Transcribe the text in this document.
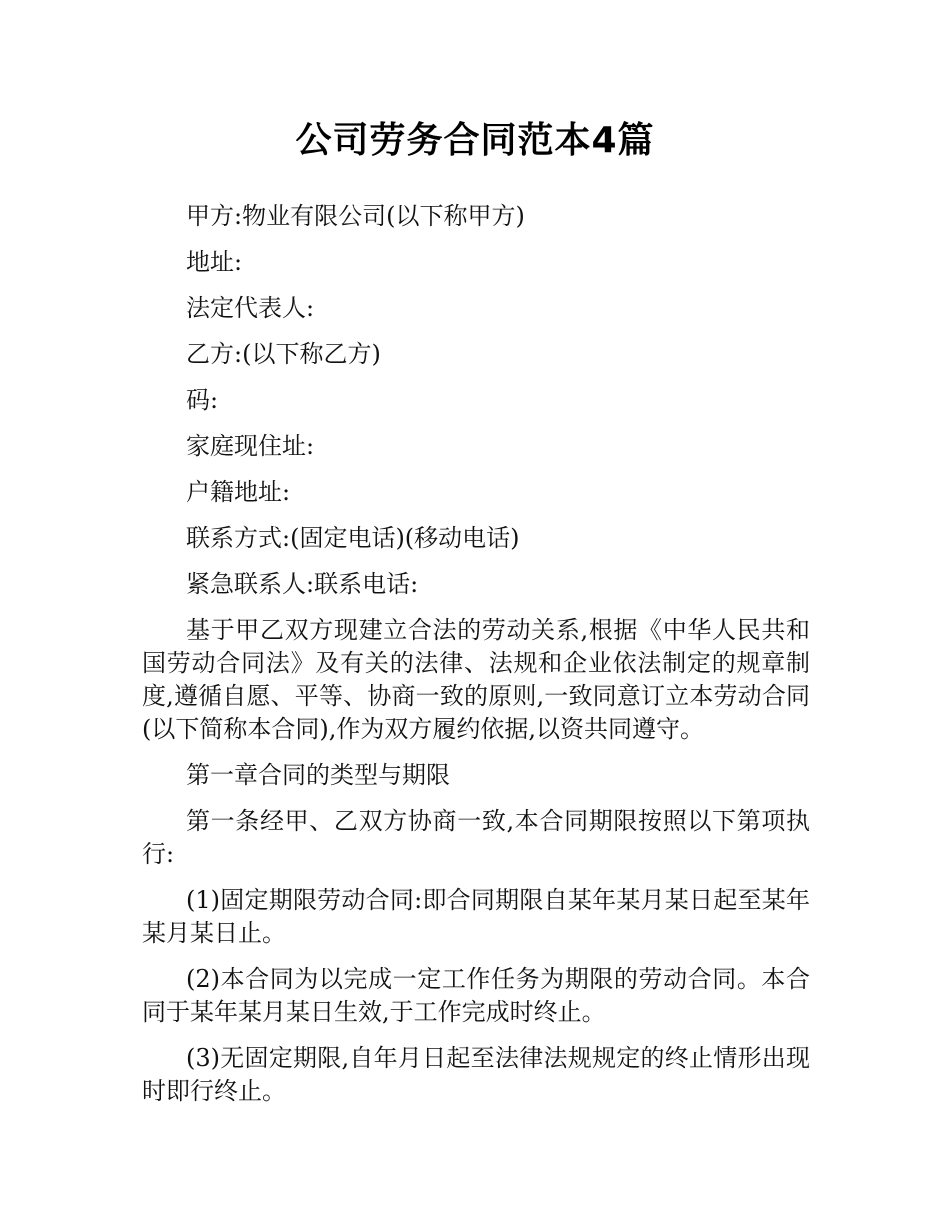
公司劳务合同范本4篇

甲方:物业有限公司(以下称甲方)

地址:

法定代表人:

乙方:(以下称乙方)

码:

家庭现住址:

户籍地址:

联系方式:(固定电话)(移动电话)

紧急联系人:联系电话:

基于甲乙双方现建立合法的劳动关系,根据《中华人民共和国劳动合同法》及有关的法律、法规和企业依法制定的规章制度,遵循自愿、平等、协商一致的原则,一致同意订立本劳动合同(以下简称本合同),作为双方履约依据,以资共同遵守。

第一章合同的类型与期限

第一条经甲、乙双方协商一致,本合同期限按照以下第项执行:

(1)固定期限劳动合同:即合同期限自某年某月某日起至某年某月某日止。

(2)本合同为以完成一定工作任务为期限的劳动合同。本合同于某年某月某日生效,于工作完成时终止。

(3)无固定期限,自年月日起至法律法规规定的终止情形出现时即行终止。
